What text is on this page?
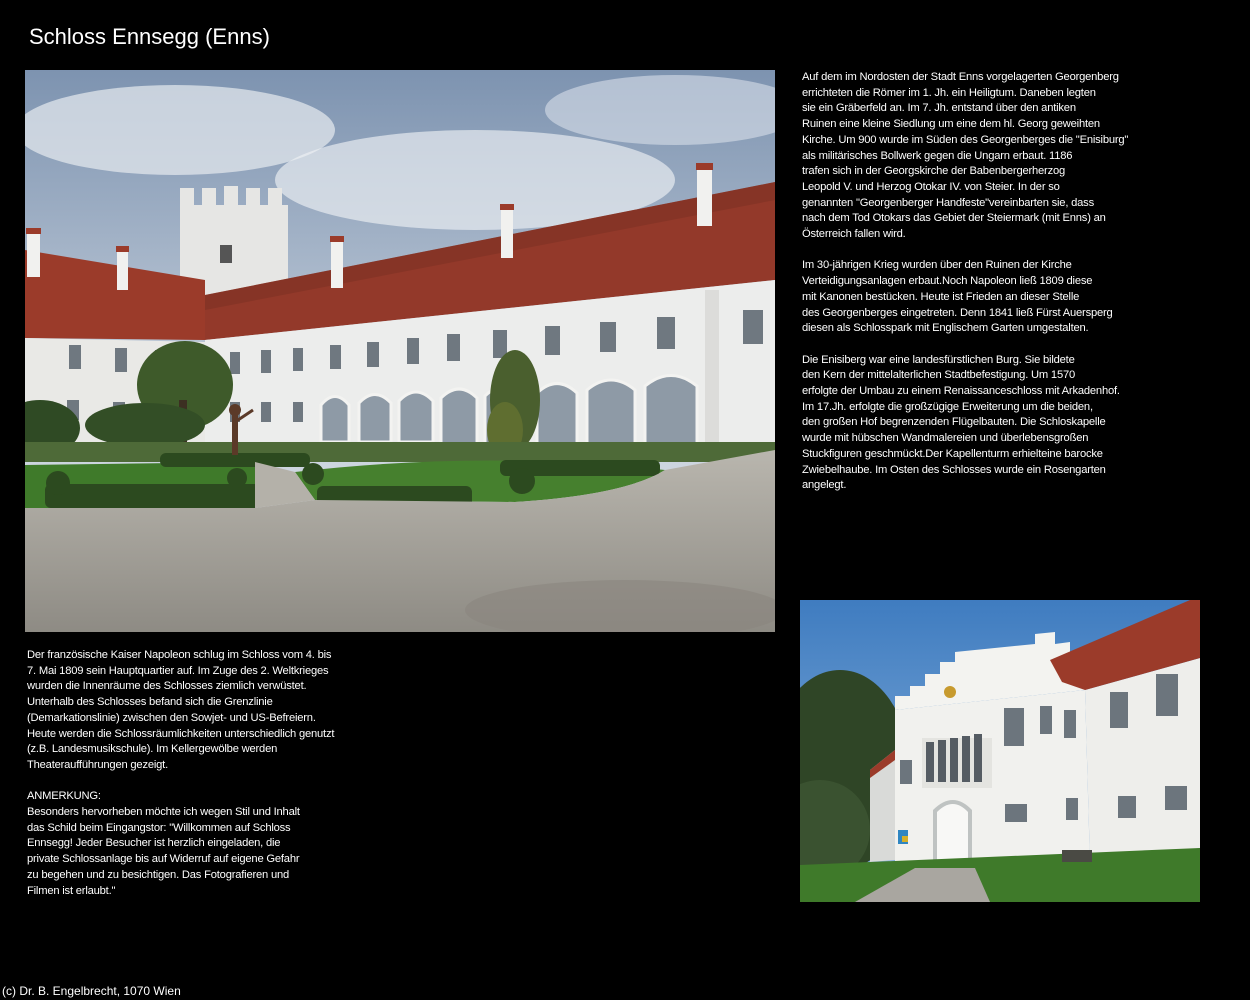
Schloss Ennsegg (Enns)
Auf dem im Nordosten der Stadt Enns vorgelagerten Georgenberg
errichteten die Römer im 1. Jh. ein Heiligtum. Daneben legten
sie ein Gräberfeld an. Im 7. Jh. entstand über den antiken
Ruinen eine kleine Siedlung um eine dem hl. Georg geweihten
Kirche. Um 900 wurde im Süden des Georgenberges die "Enisiburg"
als militärisches Bollwerk gegen die Ungarn erbaut. 1186
trafen sich in der Georgskirche der Babenbergerherzog
Leopold V. und Herzog Otokar IV. von Steier. In der so
genannten "Georgenberger Handfeste"vereinbarten sie, dass
nach dem Tod Otokars das Gebiet der Steiermark (mit Enns) an
Österreich fallen wird.
Im 30-jährigen Krieg wurden über den Ruinen der Kirche
Verteidigungsanlagen erbaut.Noch Napoleon ließ 1809 diese
mit Kanonen bestücken. Heute ist Frieden an dieser Stelle
des Georgenberges eingetreten. Denn 1841 ließ Fürst Auersperg
diesen als Schlosspark mit Englischem Garten umgestalten.
Die Enisiberg war eine landesfürstlichen Burg. Sie bildete
den Kern der mittelalterlichen Stadtbefestigung. Um 1570
erfolgte der Umbau zu einem Renaissanceschloss mit Arkadenhof.
Im 17.Jh. erfolgte die großzügige Erweiterung um die beiden,
den großen Hof begrenzenden Flügelbauten. Die Schloskapelle
wurde mit hübschen Wandmalereien und überlebensgroßen
Stuckfiguren geschmückt.Der Kapellenturm erhielteine barocke
Zwiebelhaube. Im Osten des Schlosses wurde ein Rosengarten
angelegt.
Der französische Kaiser Napoleon schlug im Schloss vom 4. bis
7. Mai 1809 sein Hauptquartier auf. Im Zuge des 2. Weltkrieges
wurden die Innenräume des Schlosses ziemlich verwüstet.
Unterhalb des Schlosses befand sich die Grenzlinie
(Demarkationslinie) zwischen den Sowjet- und US-Befreiern.
Heute werden die Schlossräumlichkeiten unterschiedlich genutzt
(z.B. Landesmusikschule). Im Kellergewölbe werden
Theateraufführungen gezeigt.
ANMERKUNG:
Besonders hervorheben möchte ich wegen Stil und Inhalt
das Schild beim Eingangstor: "Willkommen auf Schloss
Ennsegg! Jeder Besucher ist herzlich eingeladen, die
private Schlossanlage bis auf Widerruf auf eigene Gefahr
zu begehen und zu besichtigen. Das Fotografieren und
Filmen ist erlaubt."
(c) Dr. B. Engelbrecht, 1070 Wien
